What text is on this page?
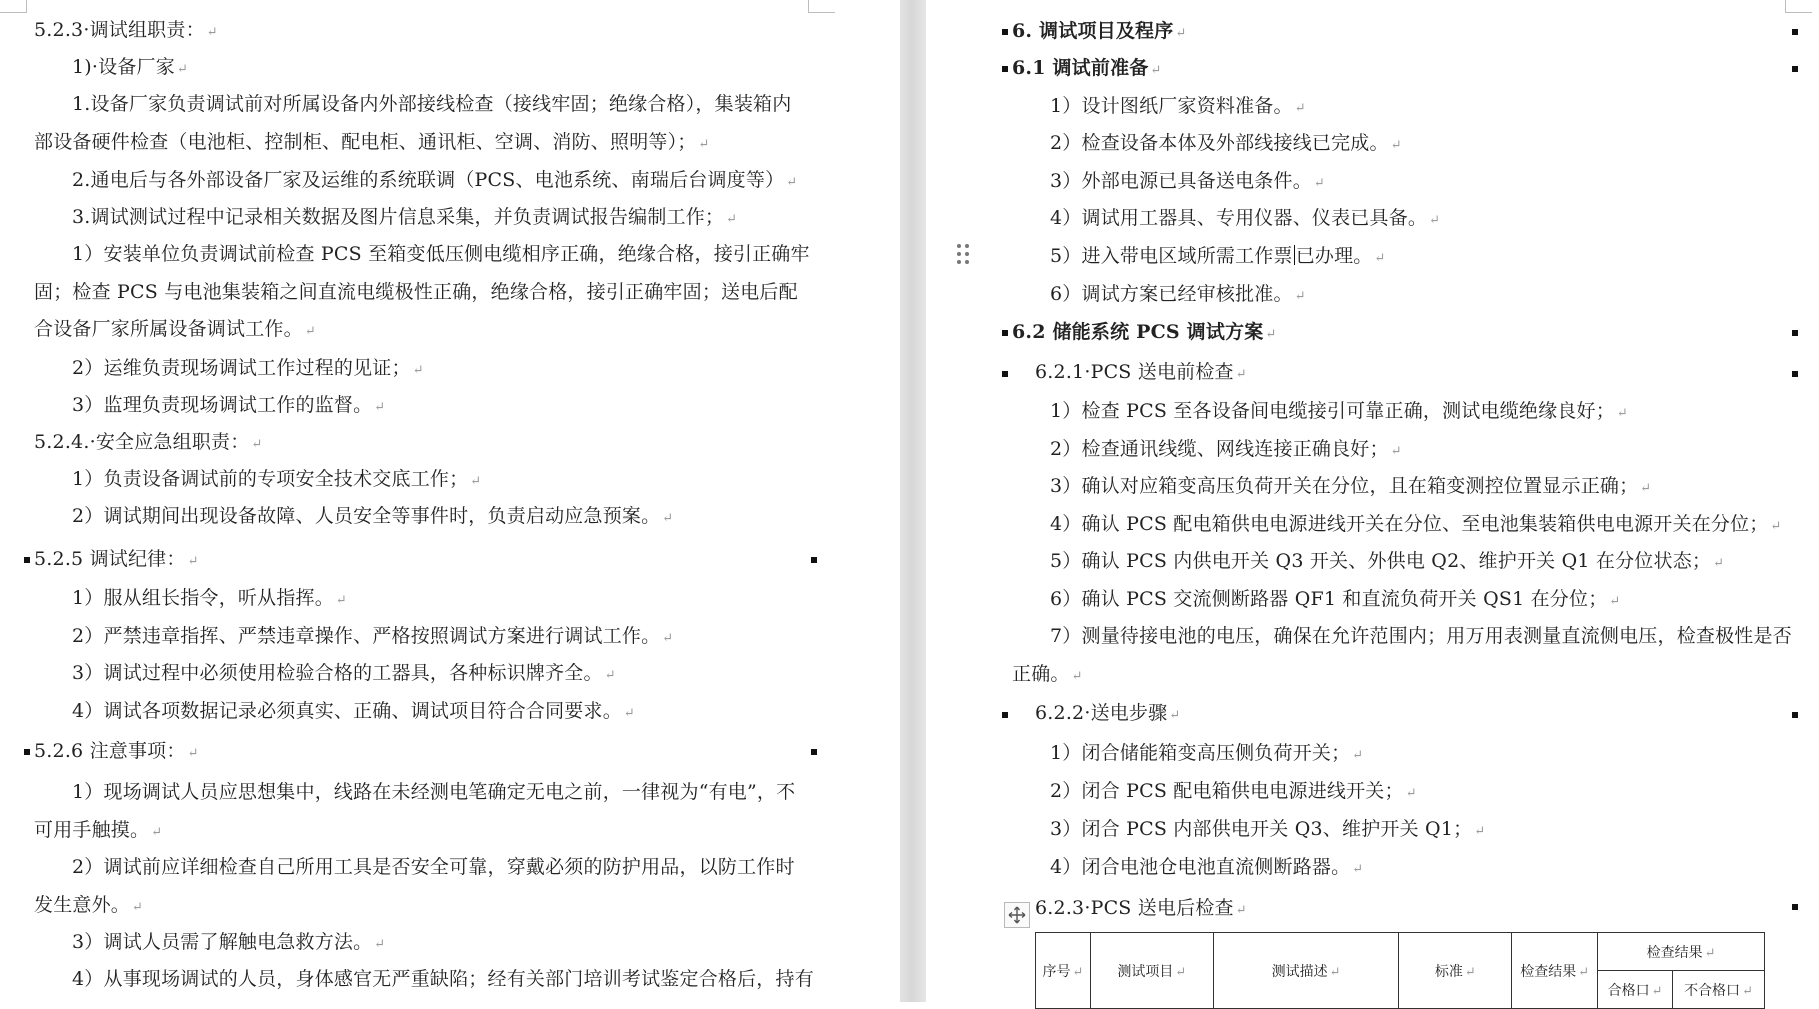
5.2.3·调试组职责： ↵
1)·设备厂家 ↵
1.设备厂家负责调试前对所属设备内外部接线检查（接线牢固；绝缘合格），集装箱内部设备硬件检查（电池柜、控制柜、配电柜、通讯柜、空调、消防、照明等）； ↵
2.通电后与各外部设备厂家及运维的系统联调（PCS、电池系统、南瑞后台调度等） ↵
3.调试测试过程中记录相关数据及图片信息采集，并负责调试报告编制工作； ↵
1）安装单位负责调试前检查 PCS 至箱变低压侧电缆相序正确，绝缘合格，接引正确牢固；检查 PCS 与电池集装箱之间直流电缆极性正确，绝缘合格，接引正确牢固；送电后配合设备厂家所属设备调试工作。 ↵
2）运维负责现场调试工作过程的见证； ↵
3）监理负责现场调试工作的监督。 ↵
5.2.4.·安全应急组职责： ↵
1）负责设备调试前的专项安全技术交底工作； ↵
2）调试期间出现设备故障、人员安全等事件时，负责启动应急预案。 ↵
5.2.5 调试纪律： ↵
1）服从组长指令，听从指挥。 ↵
2）严禁违章指挥、严禁违章操作、严格按照调试方案进行调试工作。 ↵
3）调试过程中必须使用检验合格的工器具，各种标识牌齐全。 ↵
4）调试各项数据记录必须真实、正确、调试项目符合合同要求。 ↵
5.2.6 注意事项： ↵
1）现场调试人员应思想集中，线路在未经测电笔确定无电之前，一律视为“有电”，不可用手触摸。 ↵
2）调试前应详细检查自己所用工具是否安全可靠，穿戴必须的防护用品，以防工作时发生意外。 ↵
3）调试人员需了解触电急救方法。 ↵
4）从事现场调试的人员，身体感官无严重缺陷；经有关部门培训考试鉴定合格后，持有
6. 调试项目及程序 ↵
6.1 调试前准备 ↵
1）设计图纸厂家资料准备。 ↵
2）检查设备本体及外部线接线已完成。 ↵
3）外部电源已具备送电条件。 ↵
4）调试用工器具、专用仪器、仪表已具备。 ↵
5）进入带电区域所需工作票 已办理。 ↵
6）调试方案已经审核批准。 ↵
6.2 储能系统 PCS 调试方案 ↵
6.2.1·PCS 送电前检查 ↵
1）检查 PCS 至各设备间电缆接引可靠正确，测试电缆绝缘良好； ↵
2）检查通讯线缆、网线连接正确良好； ↵
3）确认对应箱变高压负荷开关在分位，且在箱变测控位置显示正确； ↵
4）确认 PCS 配电箱供电电源进线开关在分位、至电池集装箱供电电源开关在分位； ↵
5）确认 PCS 内供电开关 Q3 开关、外供电 Q2、维护开关 Q1 在分位状态； ↵
6）确认 PCS 交流侧断路器 QF1 和直流负荷开关 QS1 在分位； ↵
7）测量待接电池的电压，确保在允许范围内；用万用表测量直流侧电压，检查极性是否正确。 ↵
6.2.2·送电步骤 ↵
1）闭合储能箱变高压侧负荷开关； ↵
2）闭合 PCS 配电箱供电电源进线开关； ↵
3）闭合 PCS 内部供电开关 Q3、维护开关 Q1； ↵
4）闭合电池仓电池直流侧断路器。 ↵
6.2.3·PCS 送电后检查 ↵
序号 ↵	测试项目 ↵	测试描述 ↵	标准 ↵	检查结果 ↵	检查结果 ↵	
					合格口 ↵	不合格口 ↵
